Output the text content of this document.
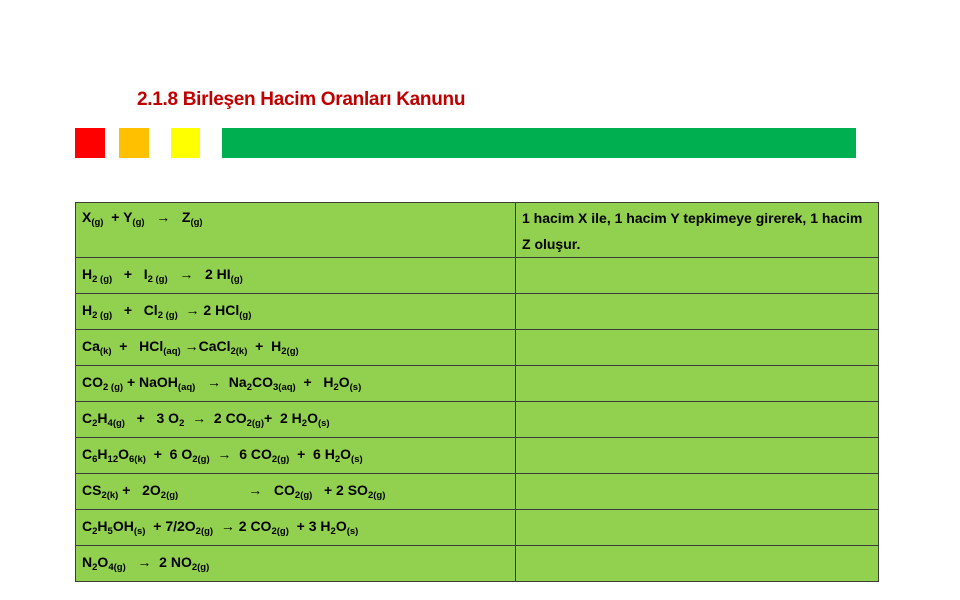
2.1.8 Birleşen Hacim Oranları Kanunu
$X_{(g)} + Y_{(g)} \to Z_{(g)}$	1 hacim X ile, 1 hacim Y tepkimeye girerek, 1 hacim Z oluşur.
$H_{2 (g)} + I_{2 (g)} \to 2$ $HI_{(g)}$	
$H_{2 (g)} + Cl_{2 (g)} \to 2$ HCl$_{(g)}$	
$Ca_{(k)} + HCl_{(aq)}$ →CaCl$_{2(k)}$  +  $H_{2(g)}$	
$CO_{2 (g)}$ + NaOH$_{(aq)}$   →  $Na_2CO_{3(aq)} + H_2O_{(s)}$	
$C_2H_{4(g)} + 3$ $O_2 \to 2$ $CO_{2(g)}+ 2$ $H_2O_{(s)}$	
$C_6H_{12}O_{6(k)} + 6$ $O_{2(g)} \to 6$ $CO_{2(g)} + 6$ $H_2O_{(s)}$	
$CS_{2(k)} + 2O_{2(g)}$                  →   $CO_{2(g)} + 2$ $SO_{2(g)}$	
$C_2H_5OH_{(s)} + 7/2O_{2(g)} \to 2$ $CO_{2(g)} + 3$ $H_2O_{(s)}$	
$N_2O_{4(g)} \to 2$ $NO_{2(g)}$	
